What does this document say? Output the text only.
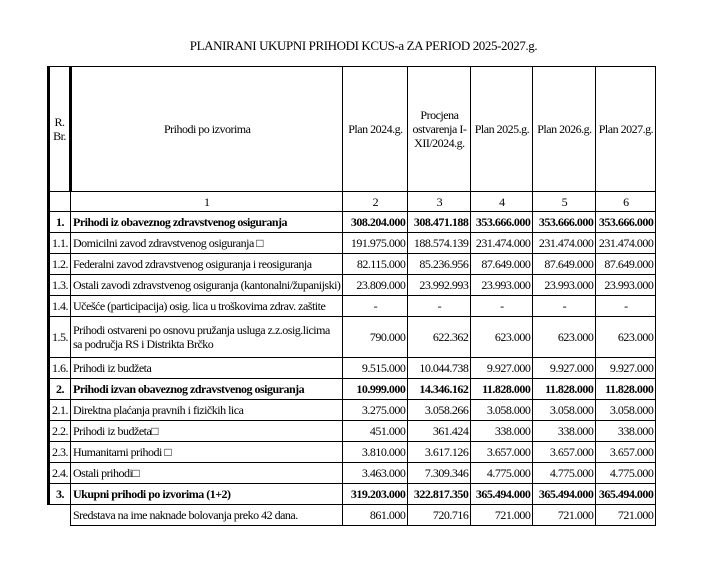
PLANIRANI UKUPNI PRIHODI KCUS-a ZA PERIOD 2025-2027.g.
R. Br.	Prihodi po izvorima	Plan 2024.g.	Procjena ostvarenja I-XII/2024.g.	Plan 2025.g.	Plan 2026.g.	Plan 2027.g.
	1	2	3	4	5	6
1.	Prihodi iz obaveznog zdravstvenog osiguranja	308.204.000	308.471.188	353.666.000	353.666.000	353.666.000
1.1.	Domicilni zavod zdravstvenog osiguranja □	191.975.000	188.574.139	231.474.000	231.474.000	231.474.000
1.2.	Federalni zavod zdravstvenog osiguranja i reosiguranja	82.115.000	85.236.956	87.649.000	87.649.000	87.649.000
1.3.	Ostali zavodi zdravstvenog osiguranja (kantonalni/županijski)	23.809.000	23.992.993	23.993.000	23.993.000	23.993.000
1.4.	Učešće (participacija) osig. lica u troškovima zdrav. zaštite	-	-	-	-	-
1.5.	Prihodi ostvareni po osnovu pružanja usluga z.z.osig.licima sa područja RS i Distrikta Brčko	790.000	622.362	623.000	623.000	623.000
1.6.	Prihodi iz budžeta	9.515.000	10.044.738	9.927.000	9.927.000	9.927.000
2.	Prihodi izvan obaveznog zdravstvenog osiguranja	10.999.000	14.346.162	11.828.000	11.828.000	11.828.000
2.1.	Direktna plaćanja pravnih i fizičkih lica	3.275.000	3.058.266	3.058.000	3.058.000	3.058.000
2.2.	Prihodi iz budžeta□	451.000	361.424	338.000	338.000	338.000
2.3.	Humanitarni prihodi □	3.810.000	3.617.126	3.657.000	3.657.000	3.657.000
2.4.	Ostali prihodi□	3.463.000	7.309.346	4.775.000	4.775.000	4.775.000
3.	Ukupni prihodi po izvorima (1+2)	319.203.000	322.817.350	365.494.000	365.494.000	365.494.000
	Sredstava na ime naknade bolovanja preko 42 dana.	861.000	720.716	721.000	721.000	721.000
